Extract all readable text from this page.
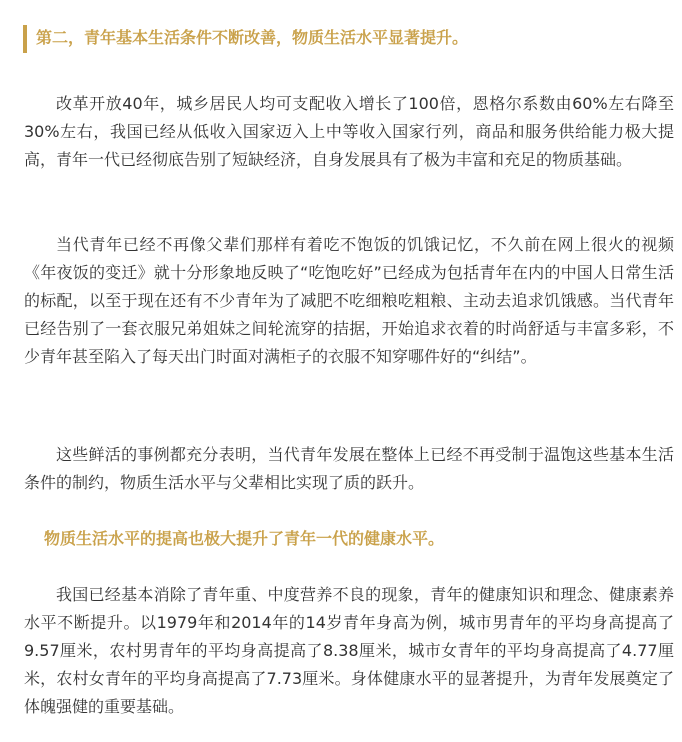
第二，青年基本生活条件不断改善，物质生活水平显著提升。

改革开放40年，城乡居民人均可支配收入增长了100倍，恩格尔系数由60%左右降至30%左右，我国已经从低收入国家迈入上中等收入国家行列，商品和服务供给能力极大提高，青年一代已经彻底告别了短缺经济，自身发展具有了极为丰富和充足的物质基础。

当代青年已经不再像父辈们那样有着吃不饱饭的饥饿记忆，不久前在网上很火的视频《年夜饭的变迁》就十分形象地反映了“吃饱吃好”已经成为包括青年在内的中国人日常生活的标配，以至于现在还有不少青年为了减肥不吃细粮吃粗粮、主动去追求饥饿感。当代青年已经告别了一套衣服兄弟姐妹之间轮流穿的拮据，开始追求衣着的时尚舒适与丰富多彩，不少青年甚至陷入了每天出门时面对满柜子的衣服不知穿哪件好的“纠结”。

这些鲜活的事例都充分表明，当代青年发展在整体上已经不再受制于温饱这些基本生活条件的制约，物质生活水平与父辈相比实现了质的跃升。

物质生活水平的提高也极大提升了青年一代的健康水平。

我国已经基本消除了青年重、中度营养不良的现象，青年的健康知识和理念、健康素养水平不断提升。以1979年和2014年的14岁青年身高为例，城市男青年的平均身高提高了9.57厘米，农村男青年的平均身高提高了8.38厘米，城市女青年的平均身高提高了4.77厘米，农村女青年的平均身高提高了7.73厘米。身体健康水平的显著提升，为青年发展奠定了体魄强健的重要基础。
